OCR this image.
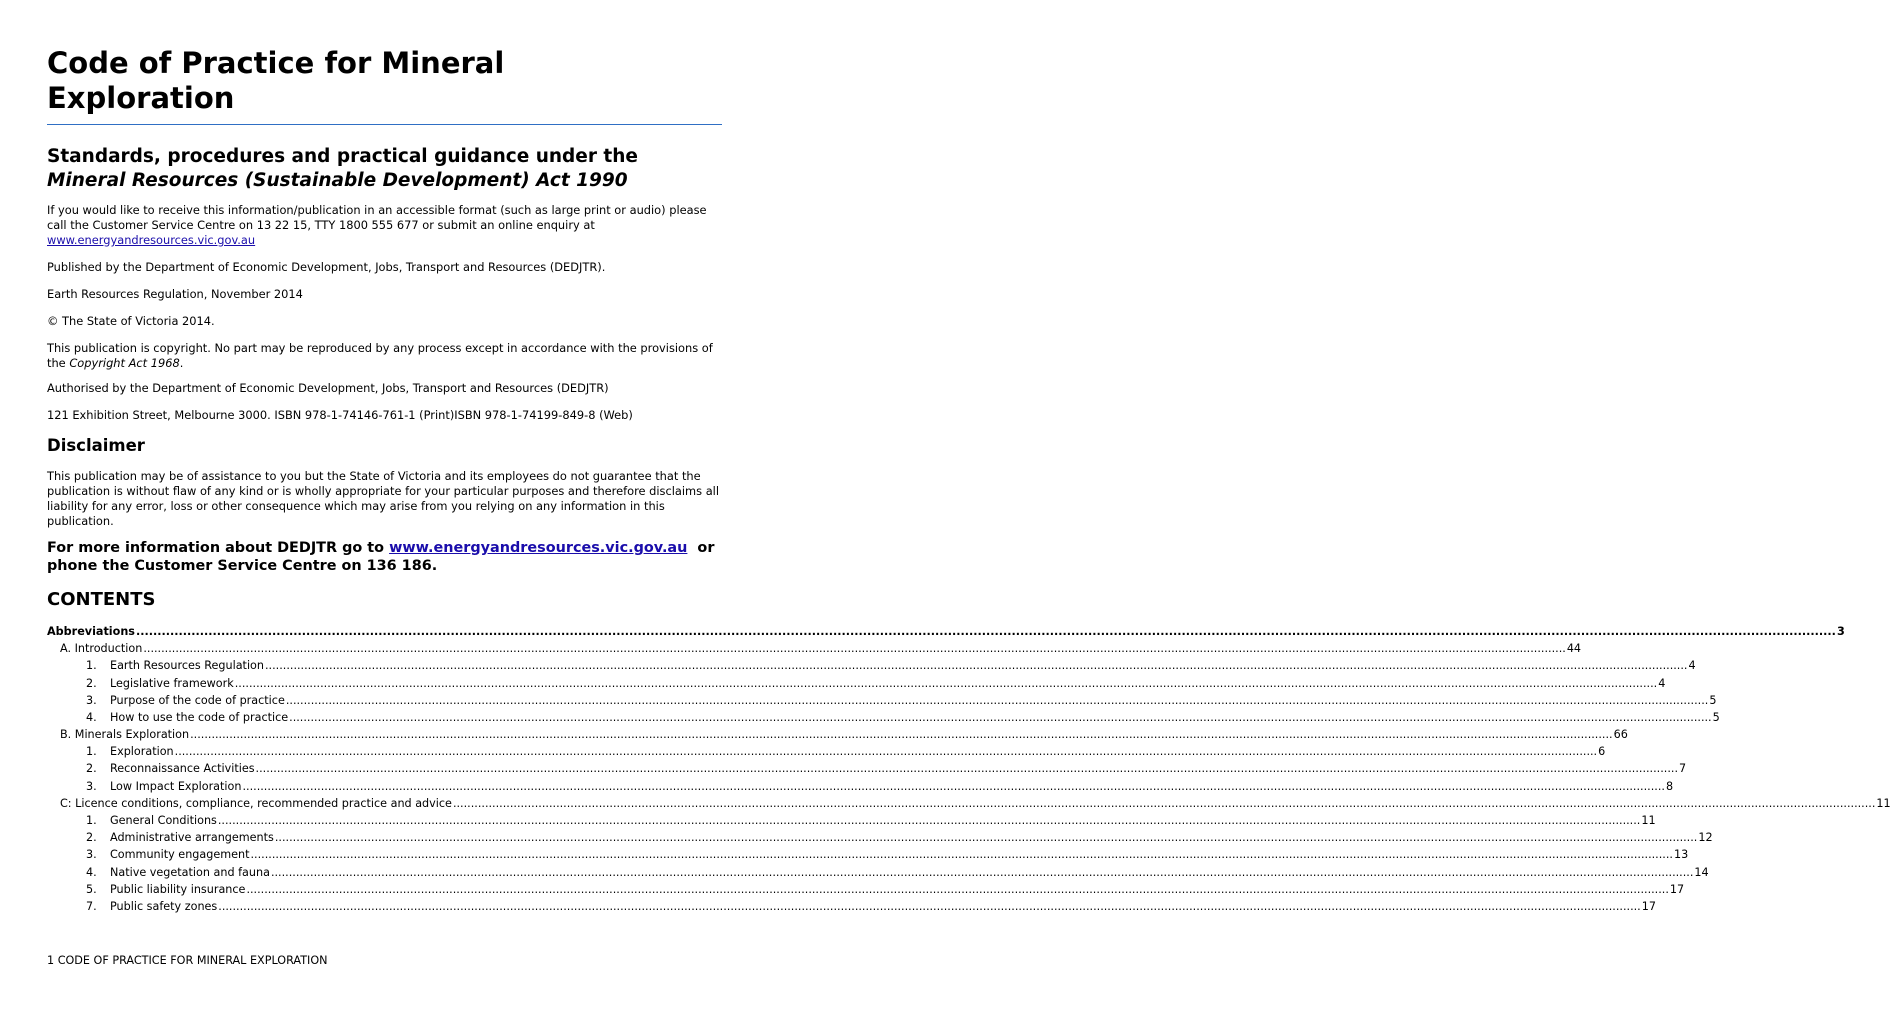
Code of Practice for Mineral
Exploration
Standards, procedures and practical guidance under the Mineral Resources (Sustainable Development) Act 1990

If you would like to receive this information/publication in an accessible format (such as large print or audio) please call the Customer Service Centre on 13 22 15, TTY 1800 555 677 or submit an online enquiry at
www.energyandresources.vic.gov.au

Published by the Department of Economic Development, Jobs, Transport and Resources (DEDJTR).

Earth Resources Regulation, November 2014

© The State of Victoria 2014.

This publication is copyright. No part may be reproduced by any process except in accordance with the provisions of the Copyright Act 1968.

Authorised by the Department of Economic Development, Jobs, Transport and Resources (DEDJTR)

121 Exhibition Street, Melbourne 3000. ISBN 978-1-74146-761-1 (Print)ISBN 978-1-74199-849-8 (Web)

Disclaimer

This publication may be of assistance to you but the State of Victoria and its employees do not guarantee that the publication is without flaw of any kind or is wholly appropriate for your particular purposes and therefore disclaims all liability for any error, loss or other consequence which may arise from you relying on any information in this publication.

For more information about DEDJTR go to www.energyandresources.vic.gov.au  or
phone the Customer Service Centre on 136 186.

CONTENTS
Abbreviations ................................................................................................................................................................................................................................................................................................................................................................................................................ 3
A. Introduction ................................................................................................................................................................................................................................................................................................................................................................................................................ 44
1.	Earth Resources Regulation ................................................................................................................................................................................................................................................................................................................................................................................................................ 4
2.	Legislative framework ................................................................................................................................................................................................................................................................................................................................................................................................................ 4
3.	Purpose of the code of practice ................................................................................................................................................................................................................................................................................................................................................................................................................ 5
4.	How to use the code of practice ................................................................................................................................................................................................................................................................................................................................................................................................................ 5
B. Minerals Exploration ................................................................................................................................................................................................................................................................................................................................................................................................................ 66
1.	Exploration ................................................................................................................................................................................................................................................................................................................................................................................................................ 6
2.	Reconnaissance Activities ................................................................................................................................................................................................................................................................................................................................................................................................................ 7
3.	Low Impact Exploration ................................................................................................................................................................................................................................................................................................................................................................................................................ 8
C: Licence conditions, compliance, recommended practice and advice ................................................................................................................................................................................................................................................................................................................................................................................................................ 11
1.	General Conditions ................................................................................................................................................................................................................................................................................................................................................................................................................ 11
2.	Administrative arrangements ................................................................................................................................................................................................................................................................................................................................................................................................................ 12
3.	Community engagement ................................................................................................................................................................................................................................................................................................................................................................................................................ 13
4.	Native vegetation and fauna ................................................................................................................................................................................................................................................................................................................................................................................................................ 14
5.	Public liability insurance ................................................................................................................................................................................................................................................................................................................................................................................................................ 17
7.	Public safety zones ................................................................................................................................................................................................................................................................................................................................................................................................................ 17

1 CODE OF PRACTICE FOR MINERAL EXPLORATION
